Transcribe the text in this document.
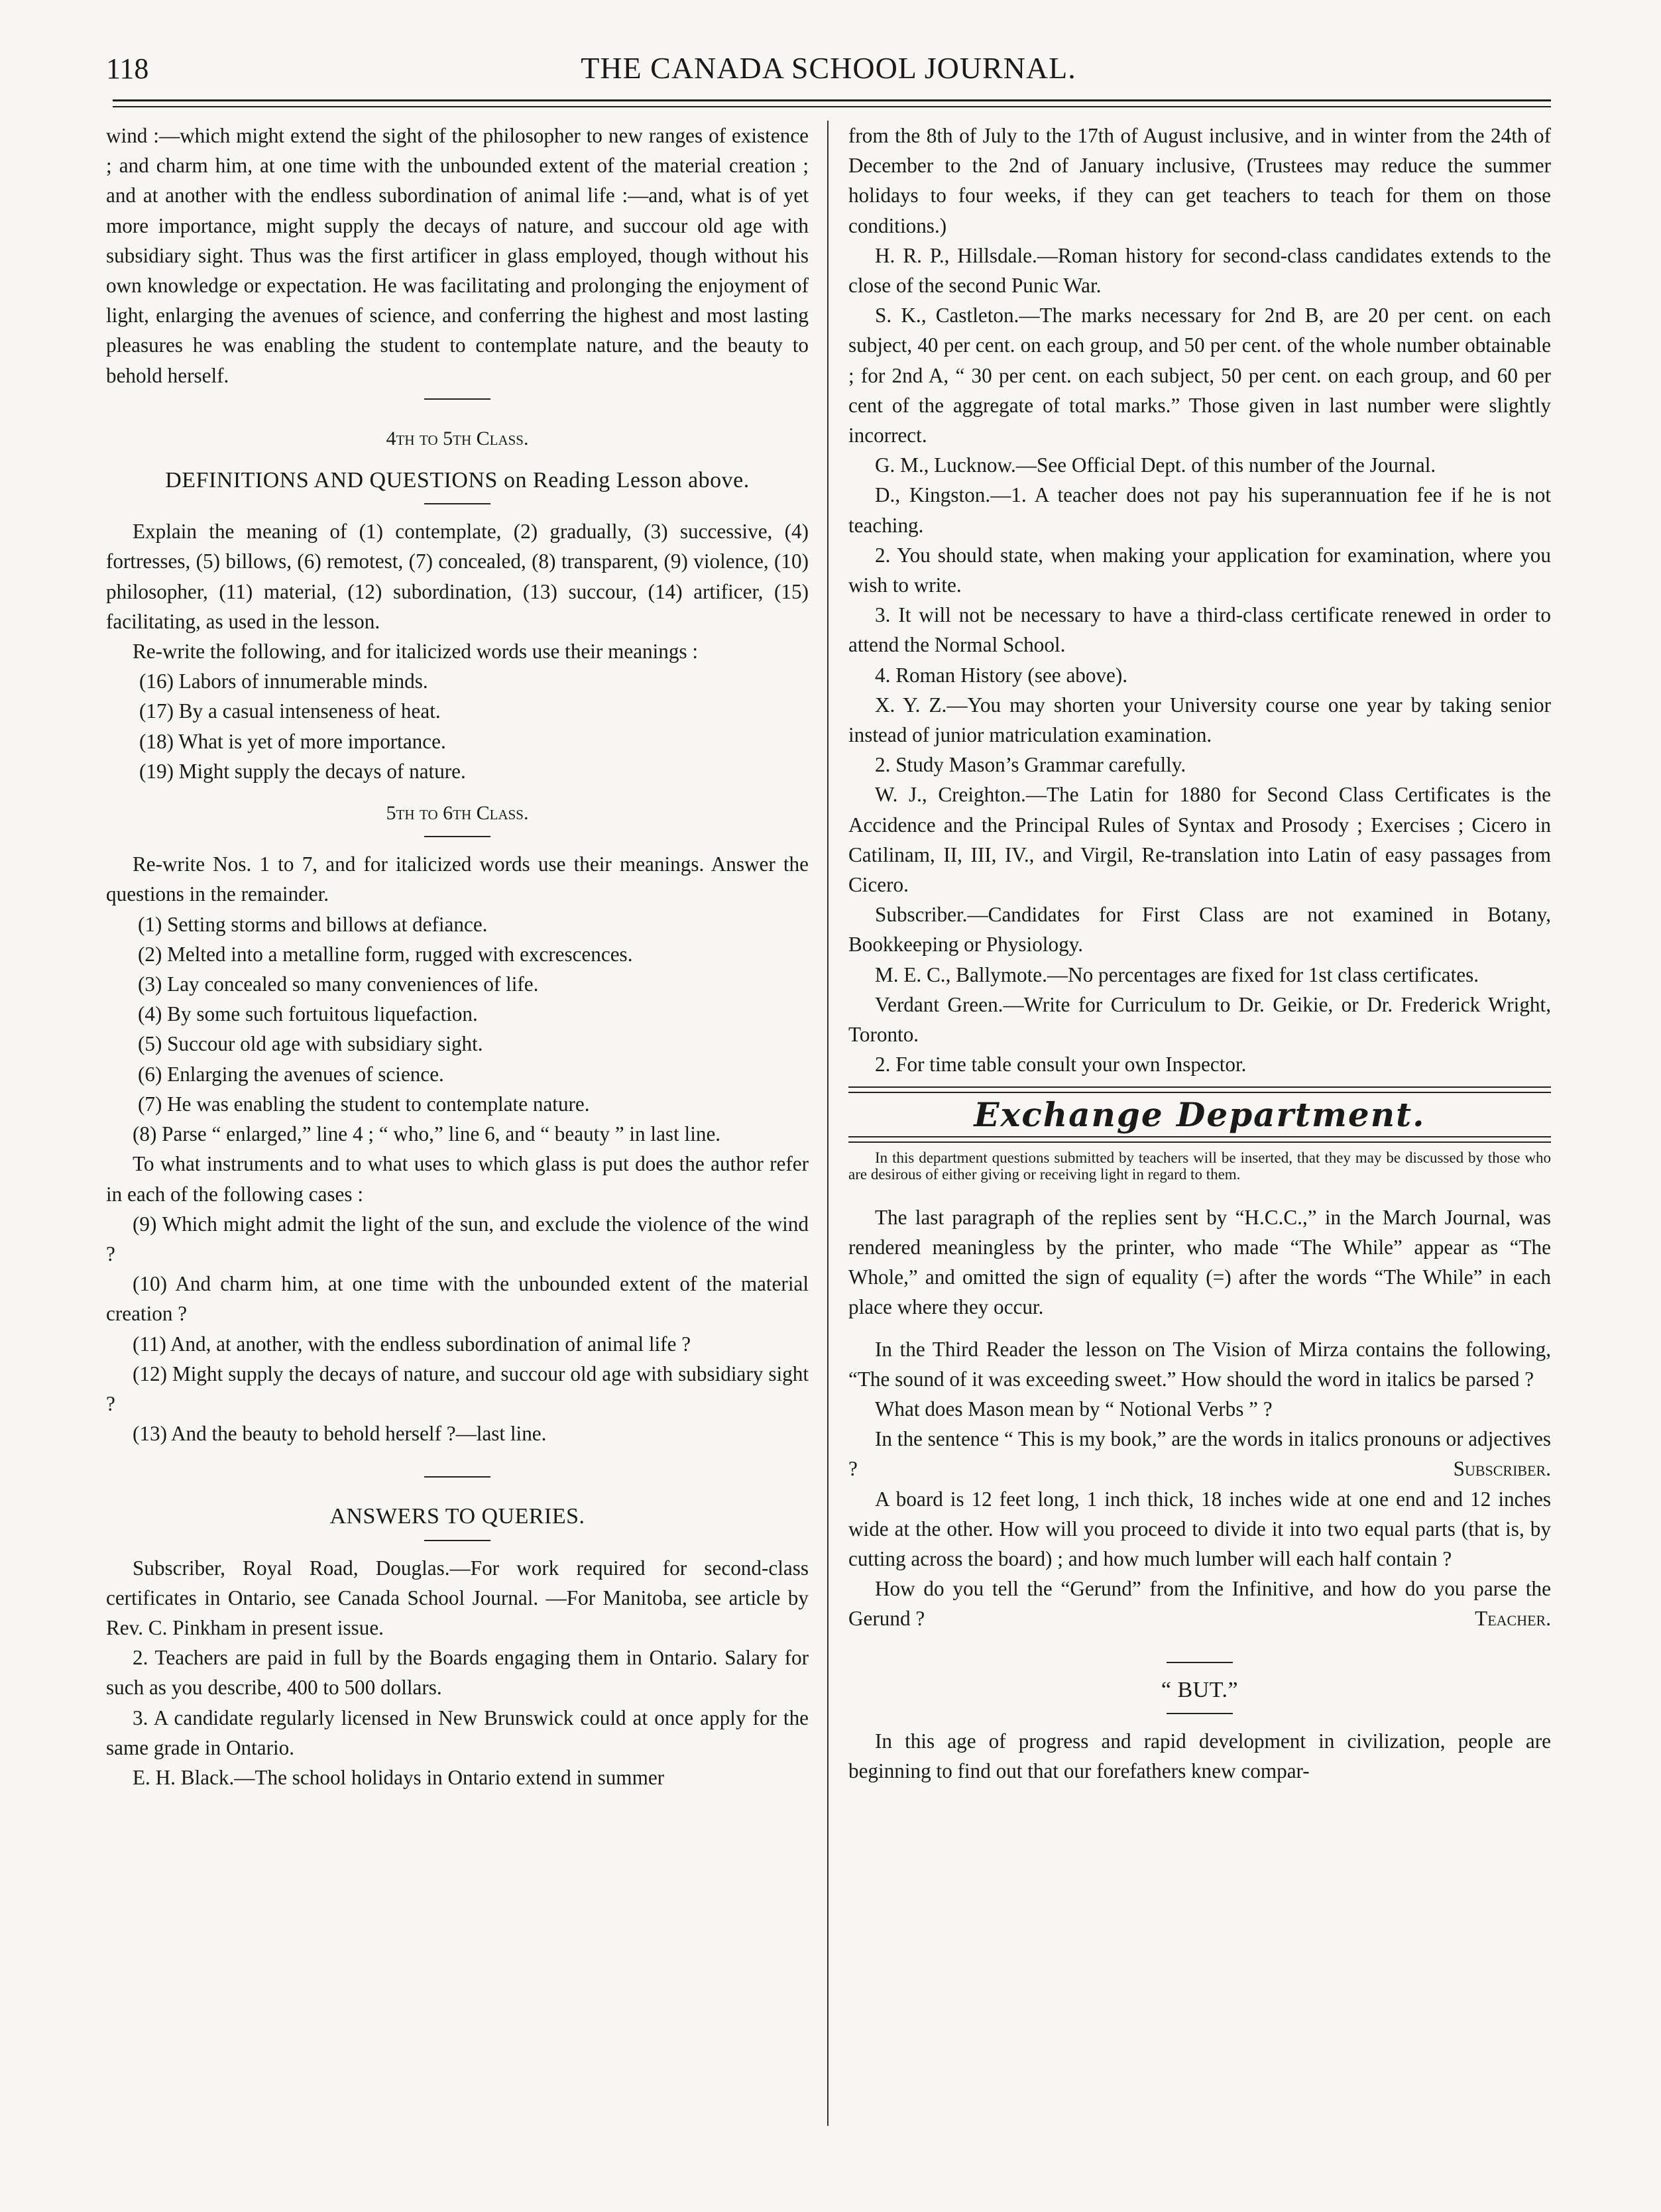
118	THE CANADA SCHOOL JOURNAL.

wind :—which might extend the sight of the philosopher to new ranges of existence ; and charm him, at one time with the unbounded extent of the material creation ; and at another with the endless subordination of animal life :—and, what is of yet more importance, might supply the decays of nature, and succour old age with subsidiary sight. Thus was the first artificer in glass employed, though without his own knowledge or expectation. He was facilitating and prolonging the enjoyment of light, enlarging the avenues of science, and conferring the highest and most lasting pleasures he was enabling the student to contemplate nature, and the beauty to behold herself.

4th to 5th Class.

DEFINITIONS AND QUESTIONS on Reading Lesson above.

Explain the meaning of (1) contemplate, (2) gradually, (3) successive, (4) fortresses, (5) billows, (6) remotest, (7) concealed, (8) transparent, (9) violence, (10) philosopher, (11) material, (12) subordination, (13) succour, (14) artificer, (15) facilitating, as used in the lesson.

Re-write the following, and for italicized words use their meanings :

(16) Labors of innumerable minds.

(17) By a casual intenseness of heat.

(18) What is yet of more importance.

(19) Might supply the decays of nature.

5th to 6th Class.

Re-write Nos. 1 to 7, and for italicized words use their meanings. Answer the questions in the remainder.

(1) Setting storms and billows at defiance.

(2) Melted into a metalline form, rugged with excrescences.

(3) Lay concealed so many conveniences of life.

(4) By some such fortuitous liquefaction.

(5) Succour old age with subsidiary sight.

(6) Enlarging the avenues of science.

(7) He was enabling the student to contemplate nature.

(8) Parse “ enlarged,” line 4 ; “ who,” line 6, and “ beauty ” in last line.

To what instruments and to what uses to which glass is put does the author refer in each of the following cases :

(9) Which might admit the light of the sun, and exclude the violence of the wind ?

(10) And charm him, at one time with the unbounded extent of the material creation ?

(11) And, at another, with the endless subordination of animal life ?

(12) Might supply the decays of nature, and succour old age with subsidiary sight ?

(13) And the beauty to behold herself ?—last line.

ANSWERS TO QUERIES.

Subscriber, Royal Road, Douglas.—For work required for second-class certificates in Ontario, see Canada School Journal. —For Manitoba, see article by Rev. C. Pinkham in present issue.

2. Teachers are paid in full by the Boards engaging them in Ontario. Salary for such as you describe, 400 to 500 dollars.

3. A candidate regularly licensed in New Brunswick could at once apply for the same grade in Ontario.

E. H. Black.—The school holidays in Ontario extend in summer

from the 8th of July to the 17th of August inclusive, and in winter from the 24th of December to the 2nd of January inclusive, (Trustees may reduce the summer holidays to four weeks, if they can get teachers to teach for them on those conditions.)

H. R. P., Hillsdale.—Roman history for second-class candidates extends to the close of the second Punic War.

S. K., Castleton.—The marks necessary for 2nd B, are 20 per cent. on each subject, 40 per cent. on each group, and 50 per cent. of the whole number obtainable ; for 2nd A, “ 30 per cent. on each subject, 50 per cent. on each group, and 60 per cent of the aggregate of total marks.” Those given in last number were slightly incorrect.

G. M., Lucknow.—See Official Dept. of this number of the Journal.

D., Kingston.—1. A teacher does not pay his superannuation fee if he is not teaching.

2. You should state, when making your application for examination, where you wish to write.

3. It will not be necessary to have a third-class certificate renewed in order to attend the Normal School.

4. Roman History (see above).

X. Y. Z.—You may shorten your University course one year by taking senior instead of junior matriculation examination.

2. Study Mason’s Grammar carefully.

W. J., Creighton.—The Latin for 1880 for Second Class Certificates is the Accidence and the Principal Rules of Syntax and Prosody ; Exercises ; Cicero in Catilinam, II, III, IV., and Virgil, Re-translation into Latin of easy passages from Cicero.

Subscriber.—Candidates for First Class are not examined in Botany, Bookkeeping or Physiology.

M. E. C., Ballymote.—No percentages are fixed for 1st class certificates.

Verdant Green.—Write for Curriculum to Dr. Geikie, or Dr. Frederick Wright, Toronto.

2. For time table consult your own Inspector.

Exchange Department.

In this department questions submitted by teachers will be inserted, that they may be discussed by those who are desirous of either giving or receiving light in regard to them.

The last paragraph of the replies sent by “H.C.C.,” in the March Journal, was rendered meaningless by the printer, who made “The While” appear as “The Whole,” and omitted the sign of equality (=) after the words “The While” in each place where they occur.

In the Third Reader the lesson on The Vision of Mirza contains the following, “The sound of it was exceeding sweet.” How should the word in italics be parsed ?

What does Mason mean by “ Notional Verbs ” ?

In the sentence “ This is my book,” are the words in italics pronouns or adjectives ?	Subscriber.

A board is 12 feet long, 1 inch thick, 18 inches wide at one end and 12 inches wide at the other. How will you proceed to divide it into two equal parts (that is, by cutting across the board) ; and how much lumber will each half contain ?

How do you tell the “Gerund” from the Infinitive, and how do you parse the Gerund ?	Teacher.

“ BUT.”

In this age of progress and rapid development in civilization, people are beginning to find out that our forefathers knew compar-
